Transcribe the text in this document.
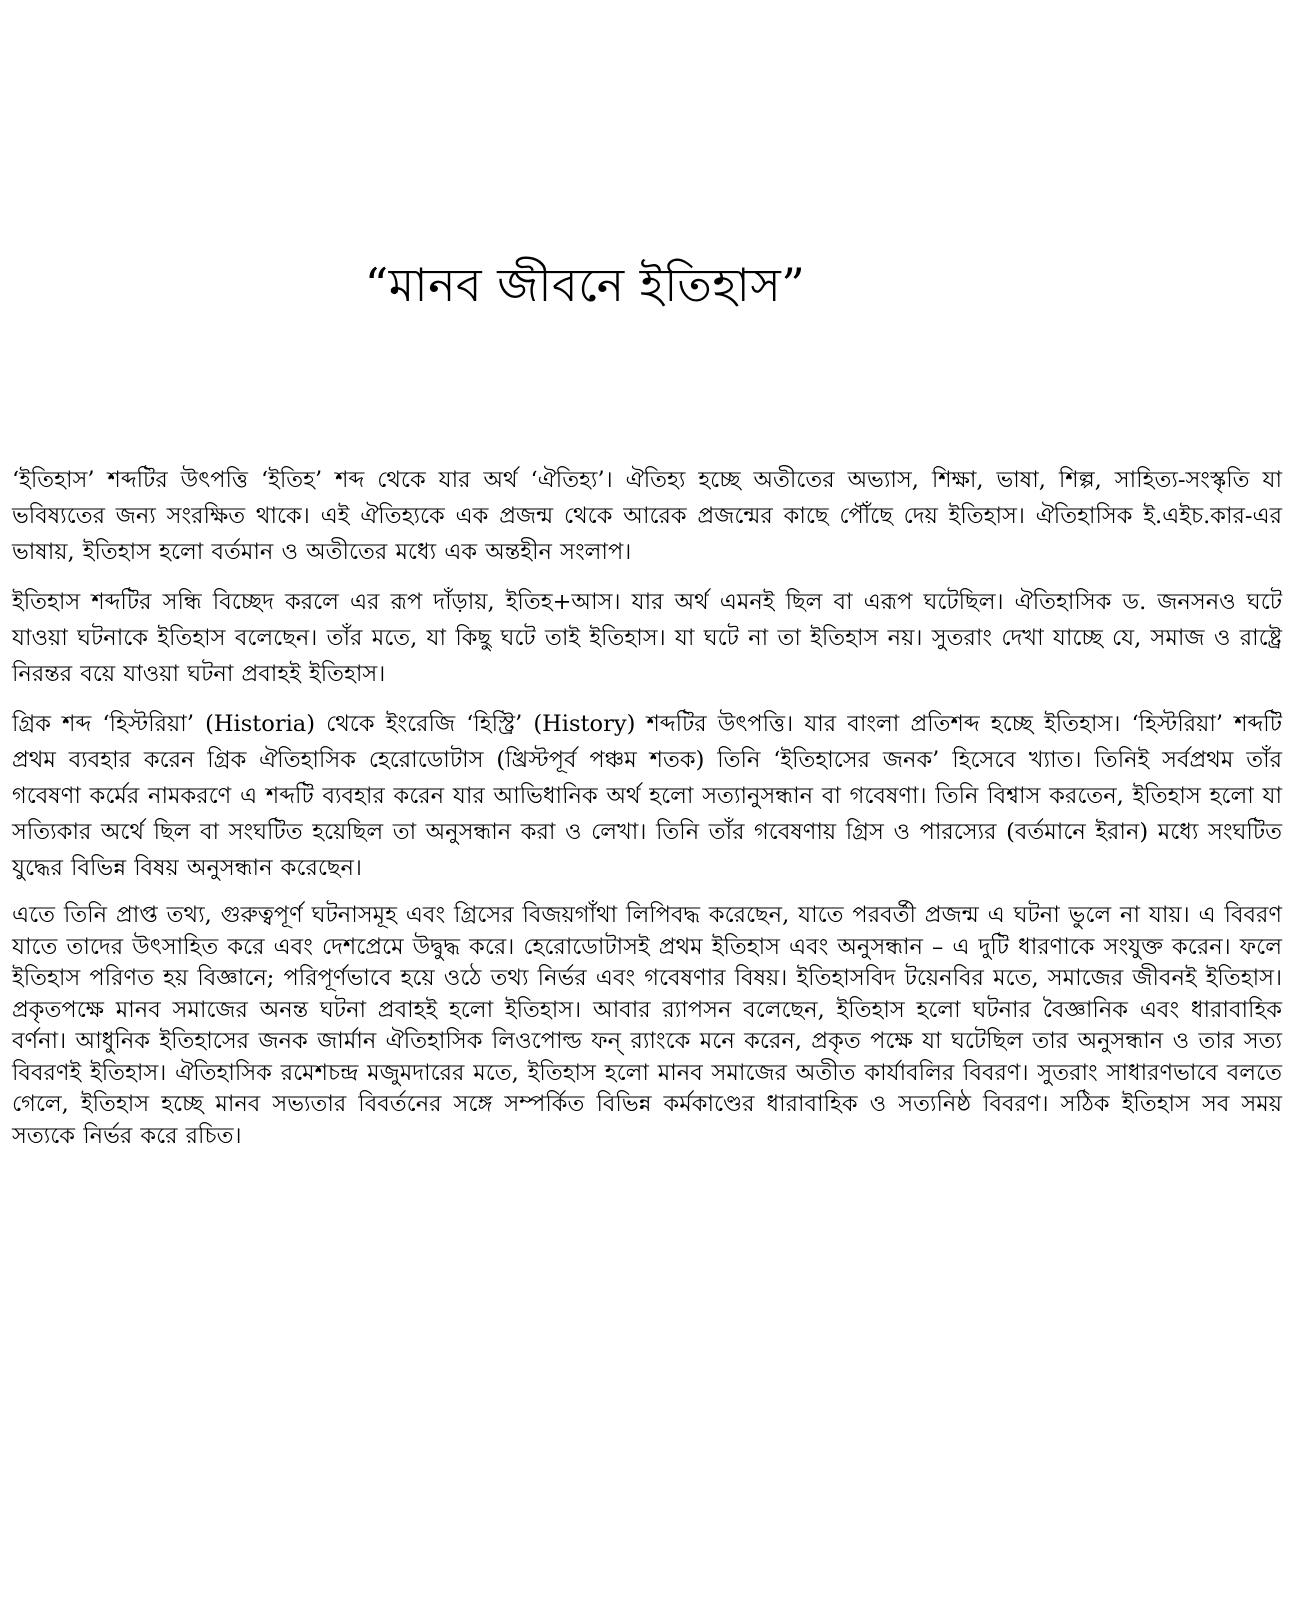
“মানব জীবনে ইতিহাস”

‘ইতিহাস’ শব্দটির উৎপত্তি ‘ইতিহ’ শব্দ থেকে যার অর্থ ‘ঐতিহ্য’। ঐতিহ্য হচ্ছে অতীতের অভ্যাস, শিক্ষা, ভাষা, শিল্প, সাহিত্য-সংস্কৃতি যা ভবিষ্যতের জন্য সংরক্ষিত থাকে। এই ঐতিহ্যকে এক প্রজন্ম থেকে আরেক প্রজন্মের কাছে পৌঁছে দেয় ইতিহাস। ঐতিহাসিক ই.এইচ.কার-এর ভাষায়, ইতিহাস হলো বর্তমান ও অতীতের মধ্যে এক অন্তহীন সংলাপ।

ইতিহাস শব্দটির সন্ধি বিচ্ছেদ করলে এর রূপ দাঁড়ায়, ইতিহ+আস। যার অর্থ এমনই ছিল বা এরূপ ঘটেছিল। ঐতিহাসিক ড. জনসনও ঘটে যাওয়া ঘটনাকে ইতিহাস বলেছেন। তাঁর মতে, যা কিছু ঘটে তাই ইতিহাস। যা ঘটে না তা ইতিহাস নয়। সুতরাং দেখা যাচ্ছে যে, সমাজ ও রাষ্ট্রে নিরন্তর বয়ে যাওয়া ঘটনা প্রবাহই ইতিহাস।

গ্রিক শব্দ ‘হিস্টরিয়া’ (Historia) থেকে ইংরেজি ‘হিস্ট্রি’ (History) শব্দটির উৎপত্তি। যার বাংলা প্রতিশব্দ হচ্ছে ইতিহাস। ‘হিস্টরিয়া’ শব্দটি প্রথম ব্যবহার করেন গ্রিক ঐতিহাসিক হেরোডোটাস (খ্রিস্টপূর্ব পঞ্চম শতক) তিনি ‘ইতিহাসের জনক’ হিসেবে খ্যাত। তিনিই সর্বপ্রথম তাঁর গবেষণা কর্মের নামকরণে এ শব্দটি ব্যবহার করেন যার আভিধানিক অর্থ হলো সত্যানুসন্ধান বা গবেষণা। তিনি বিশ্বাস করতেন, ইতিহাস হলো যা সত্যিকার অর্থে ছিল বা সংঘটিত হয়েছিল তা অনুসন্ধান করা ও লেখা। তিনি তাঁর গবেষণায় গ্রিস ও পারস্যের (বর্তমানে ইরান) মধ্যে সংঘটিত যুদ্ধের বিভিন্ন বিষয় অনুসন্ধান করেছেন।

এতে তিনি প্রাপ্ত তথ্য, গুরুত্বপূর্ণ ঘটনাসমূহ এবং গ্রিসের বিজয়গাঁথা লিপিবদ্ধ করেছেন, যাতে পরবর্তী প্রজন্ম এ ঘটনা ভুলে না যায়। এ বিবরণ যাতে তাদের উৎসাহিত করে এবং দেশপ্রেমে উদ্বুদ্ধ করে। হেরোডোটাসই প্রথম ইতিহাস এবং অনুসন্ধান – এ দুটি ধারণাকে সংযুক্ত করেন। ফলে ইতিহাস পরিণত হয় বিজ্ঞানে; পরিপূর্ণভাবে হয়ে ওঠে তথ্য নির্ভর এবং গবেষণার বিষয়। ইতিহাসবিদ টয়েনবির মতে, সমাজের জীবনই ইতিহাস। প্রকৃতপক্ষে মানব সমাজের অনন্ত ঘটনা প্রবাহই হলো ইতিহাস। আবার র‍্যাপসন বলেছেন, ইতিহাস হলো ঘটনার বৈজ্ঞানিক এবং ধারাবাহিক বর্ণনা। আধুনিক ইতিহাসের জনক জার্মান ঐতিহাসিক লিওপোল্ড ফন্ র‍্যাংকে মনে করেন, প্রকৃত পক্ষে যা ঘটেছিল তার অনুসন্ধান ও তার সত্য বিবরণই ইতিহাস। ঐতিহাসিক রমেশচন্দ্র মজুমদারের মতে, ইতিহাস হলো মানব সমাজের অতীত কার্যাবলির বিবরণ। সুতরাং সাধারণভাবে বলতে গেলে, ইতিহাস হচ্ছে মানব সভ্যতার বিবর্তনের সঙ্গে সম্পর্কিত বিভিন্ন কর্মকাণ্ডের ধারাবাহিক ও সত্যনিষ্ঠ বিবরণ। সঠিক ইতিহাস সব সময় সত্যকে নির্ভর করে রচিত।
